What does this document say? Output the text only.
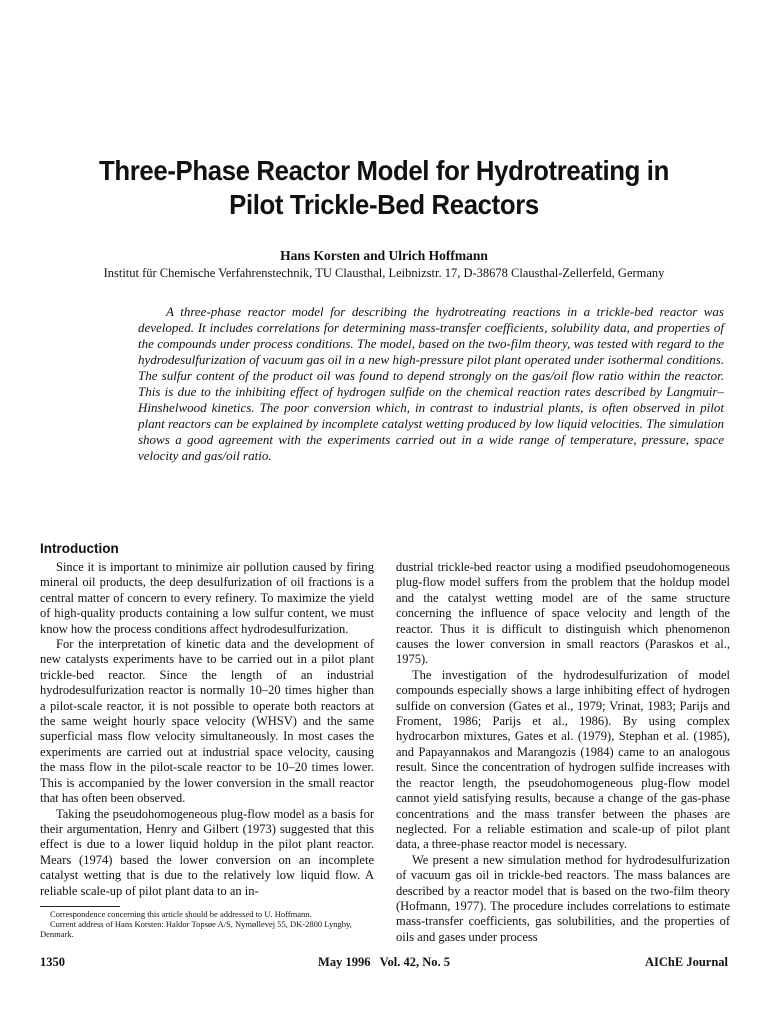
Three-Phase Reactor Model for Hydrotreating in
Pilot Trickle-Bed Reactors
Hans Korsten and Ulrich Hoffmann
Institut für Chemische Verfahrenstechnik, TU Clausthal, Leibnizstr. 17, D-38678 Clausthal-Zellerfeld, Germany

A three-phase reactor model for describing the hydrotreating reactions in a trickle-bed reactor was developed. It includes correlations for determining mass-transfer coefficients, solubility data, and properties of the compounds under process conditions. The model, based on the two-film theory, was tested with regard to the hydrodesulfurization of vacuum gas oil in a new high-pressure pilot plant operated under isothermal conditions. The sulfur content of the product oil was found to depend strongly on the gas/oil flow ratio within the reactor. This is due to the inhibiting effect of hydrogen sulfide on the chemical reaction rates described by Langmuir–Hinshelwood kinetics. The poor conversion which, in contrast to industrial plants, is often observed in pilot plant reactors can be explained by incomplete catalyst wetting produced by low liquid velocities. The simulation shows a good agreement with the experiments carried out in a wide range of temperature, pressure, space velocity and gas/oil ratio.

Introduction

Since it is important to minimize air pollution caused by firing mineral oil products, the deep desulfurization of oil fractions is a central matter of concern to every refinery. To maximize the yield of high-quality products containing a low sulfur content, we must know how the process conditions affect hydrodesulfurization.

For the interpretation of kinetic data and the development of new catalysts experiments have to be carried out in a pilot plant trickle-bed reactor. Since the length of an industrial hydrodesulfurization reactor is normally 10–20 times higher than a pilot-scale reactor, it is not possible to operate both reactors at the same weight hourly space velocity (WHSV) and the same superficial mass flow velocity simultaneously. In most cases the experiments are carried out at industrial space velocity, causing the mass flow in the pilot-scale reactor to be 10–20 times lower. This is accompanied by the lower conversion in the small reactor that has often been observed.

Taking the pseudohomogeneous plug-flow model as a basis for their argumentation, Henry and Gilbert (1973) suggested that this effect is due to a lower liquid holdup in the pilot plant reactor. Mears (1974) based the lower conversion on an incomplete catalyst wetting that is due to the relatively low liquid flow. A reliable scale-up of pilot plant data to an in-

dustrial trickle-bed reactor using a modified pseudohomogeneous plug-flow model suffers from the problem that the holdup model and the catalyst wetting model are of the same structure concerning the influence of space velocity and length of the reactor. Thus it is difficult to distinguish which phenomenon causes the lower conversion in small reactors (Paraskos et al., 1975).

The investigation of the hydrodesulfurization of model compounds especially shows a large inhibiting effect of hydrogen sulfide on conversion (Gates et al., 1979; Vrinat, 1983; Parijs and Froment, 1986; Parijs et al., 1986). By using complex hydrocarbon mixtures, Gates et al. (1979), Stephan et al. (1985), and Papayannakos and Marangozis (1984) came to an analogous result. Since the concentration of hydrogen sulfide increases with the reactor length, the pseudohomogeneous plug-flow model cannot yield satisfying results, because a change of the gas-phase concentrations and the mass transfer between the phases are neglected. For a reliable estimation and scale-up of pilot plant data, a three-phase reactor model is necessary.

We present a new simulation method for hydrodesulfurization of vacuum gas oil in trickle-bed reactors. The mass balances are described by a reactor model that is based on the two-film theory (Hofmann, 1977). The procedure includes correlations to estimate mass-transfer coefficients, gas solubilities, and the properties of oils and gases under process

Correspondence concerning this article should be addressed to U. Hoffmann.

Current address of Hans Korsten: Haldor Topsøe A/S, Nymøllevej 55, DK-2800 Lyngby, Denmark.

1350	May 1996   Vol. 42, No. 5	AIChE Journal
